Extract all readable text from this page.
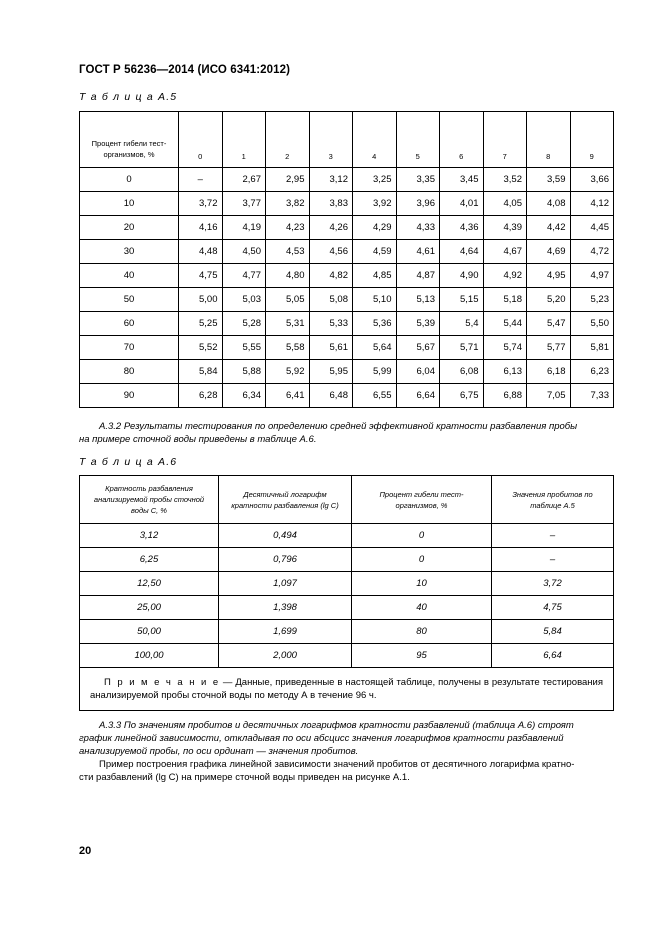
ГОСТ Р 56236—2014 (ИСО 6341:2012)
Т а б л и ц а А.5
Процент гибели тест-организмов, %	0	1	2	3	4	5	6	7	8	9
0	–	2,67	2,95	3,12	3,25	3,35	3,45	3,52	3,59	3,66
10	3,72	3,77	3,82	3,83	3,92	3,96	4,01	4,05	4,08	4,12
20	4,16	4,19	4,23	4,26	4,29	4,33	4,36	4,39	4,42	4,45
30	4,48	4,50	4,53	4,56	4,59	4,61	4,64	4,67	4,69	4,72
40	4,75	4,77	4,80	4,82	4,85	4,87	4,90	4,92	4,95	4,97
50	5,00	5,03	5,05	5,08	5,10	5,13	5,15	5,18	5,20	5,23
60	5,25	5,28	5,31	5,33	5,36	5,39	5,4	5,44	5,47	5,50
70	5,52	5,55	5,58	5,61	5,64	5,67	5,71	5,74	5,77	5,81
80	5,84	5,88	5,92	5,95	5,99	6,04	6,08	6,13	6,18	6,23
90	6,28	6,34	6,41	6,48	6,55	6,64	6,75	6,88	7,05	7,33
А.3.2 Результаты тестирования по определению средней эффективной кратности разбавления пробы
на примере сточной воды приведены в таблице А.6.
Т а б л и ц а А.6
Кратность разбавления анализируемой пробы сточной воды С, %	Десятичный логарифм кратности разбавления (lg С)	Процент гибели тест-организмов, %	Значения пробитов по таблице А.5
3,12	0,494	0	–
6,25	0,796	0	–
12,50	1,097	10	3,72
25,00	1,398	40	4,75
50,00	1,699	80	5,84
100,00	2,000	95	6,64
П р и м е ч а н и е — Данные, приведенные в настоящей таблице, получены в результате тестирования анализируемой пробы сточной воды по методу А в течение 96 ч.			
А.3.3 По значениям пробитов и десятичных логарифмов кратности разбавлений (таблица А.6) строят
график линейной зависимости, откладывая по оси абсцисс значения логарифмов кратности разбавлений
анализируемой пробы, по оси ординат — значения пробитов.
Пример построения графика линейной зависимости значений пробитов от десятичного логарифма кратно-
сти разбавлений (lg С) на примере сточной воды приведен на рисунке А.1.
20
